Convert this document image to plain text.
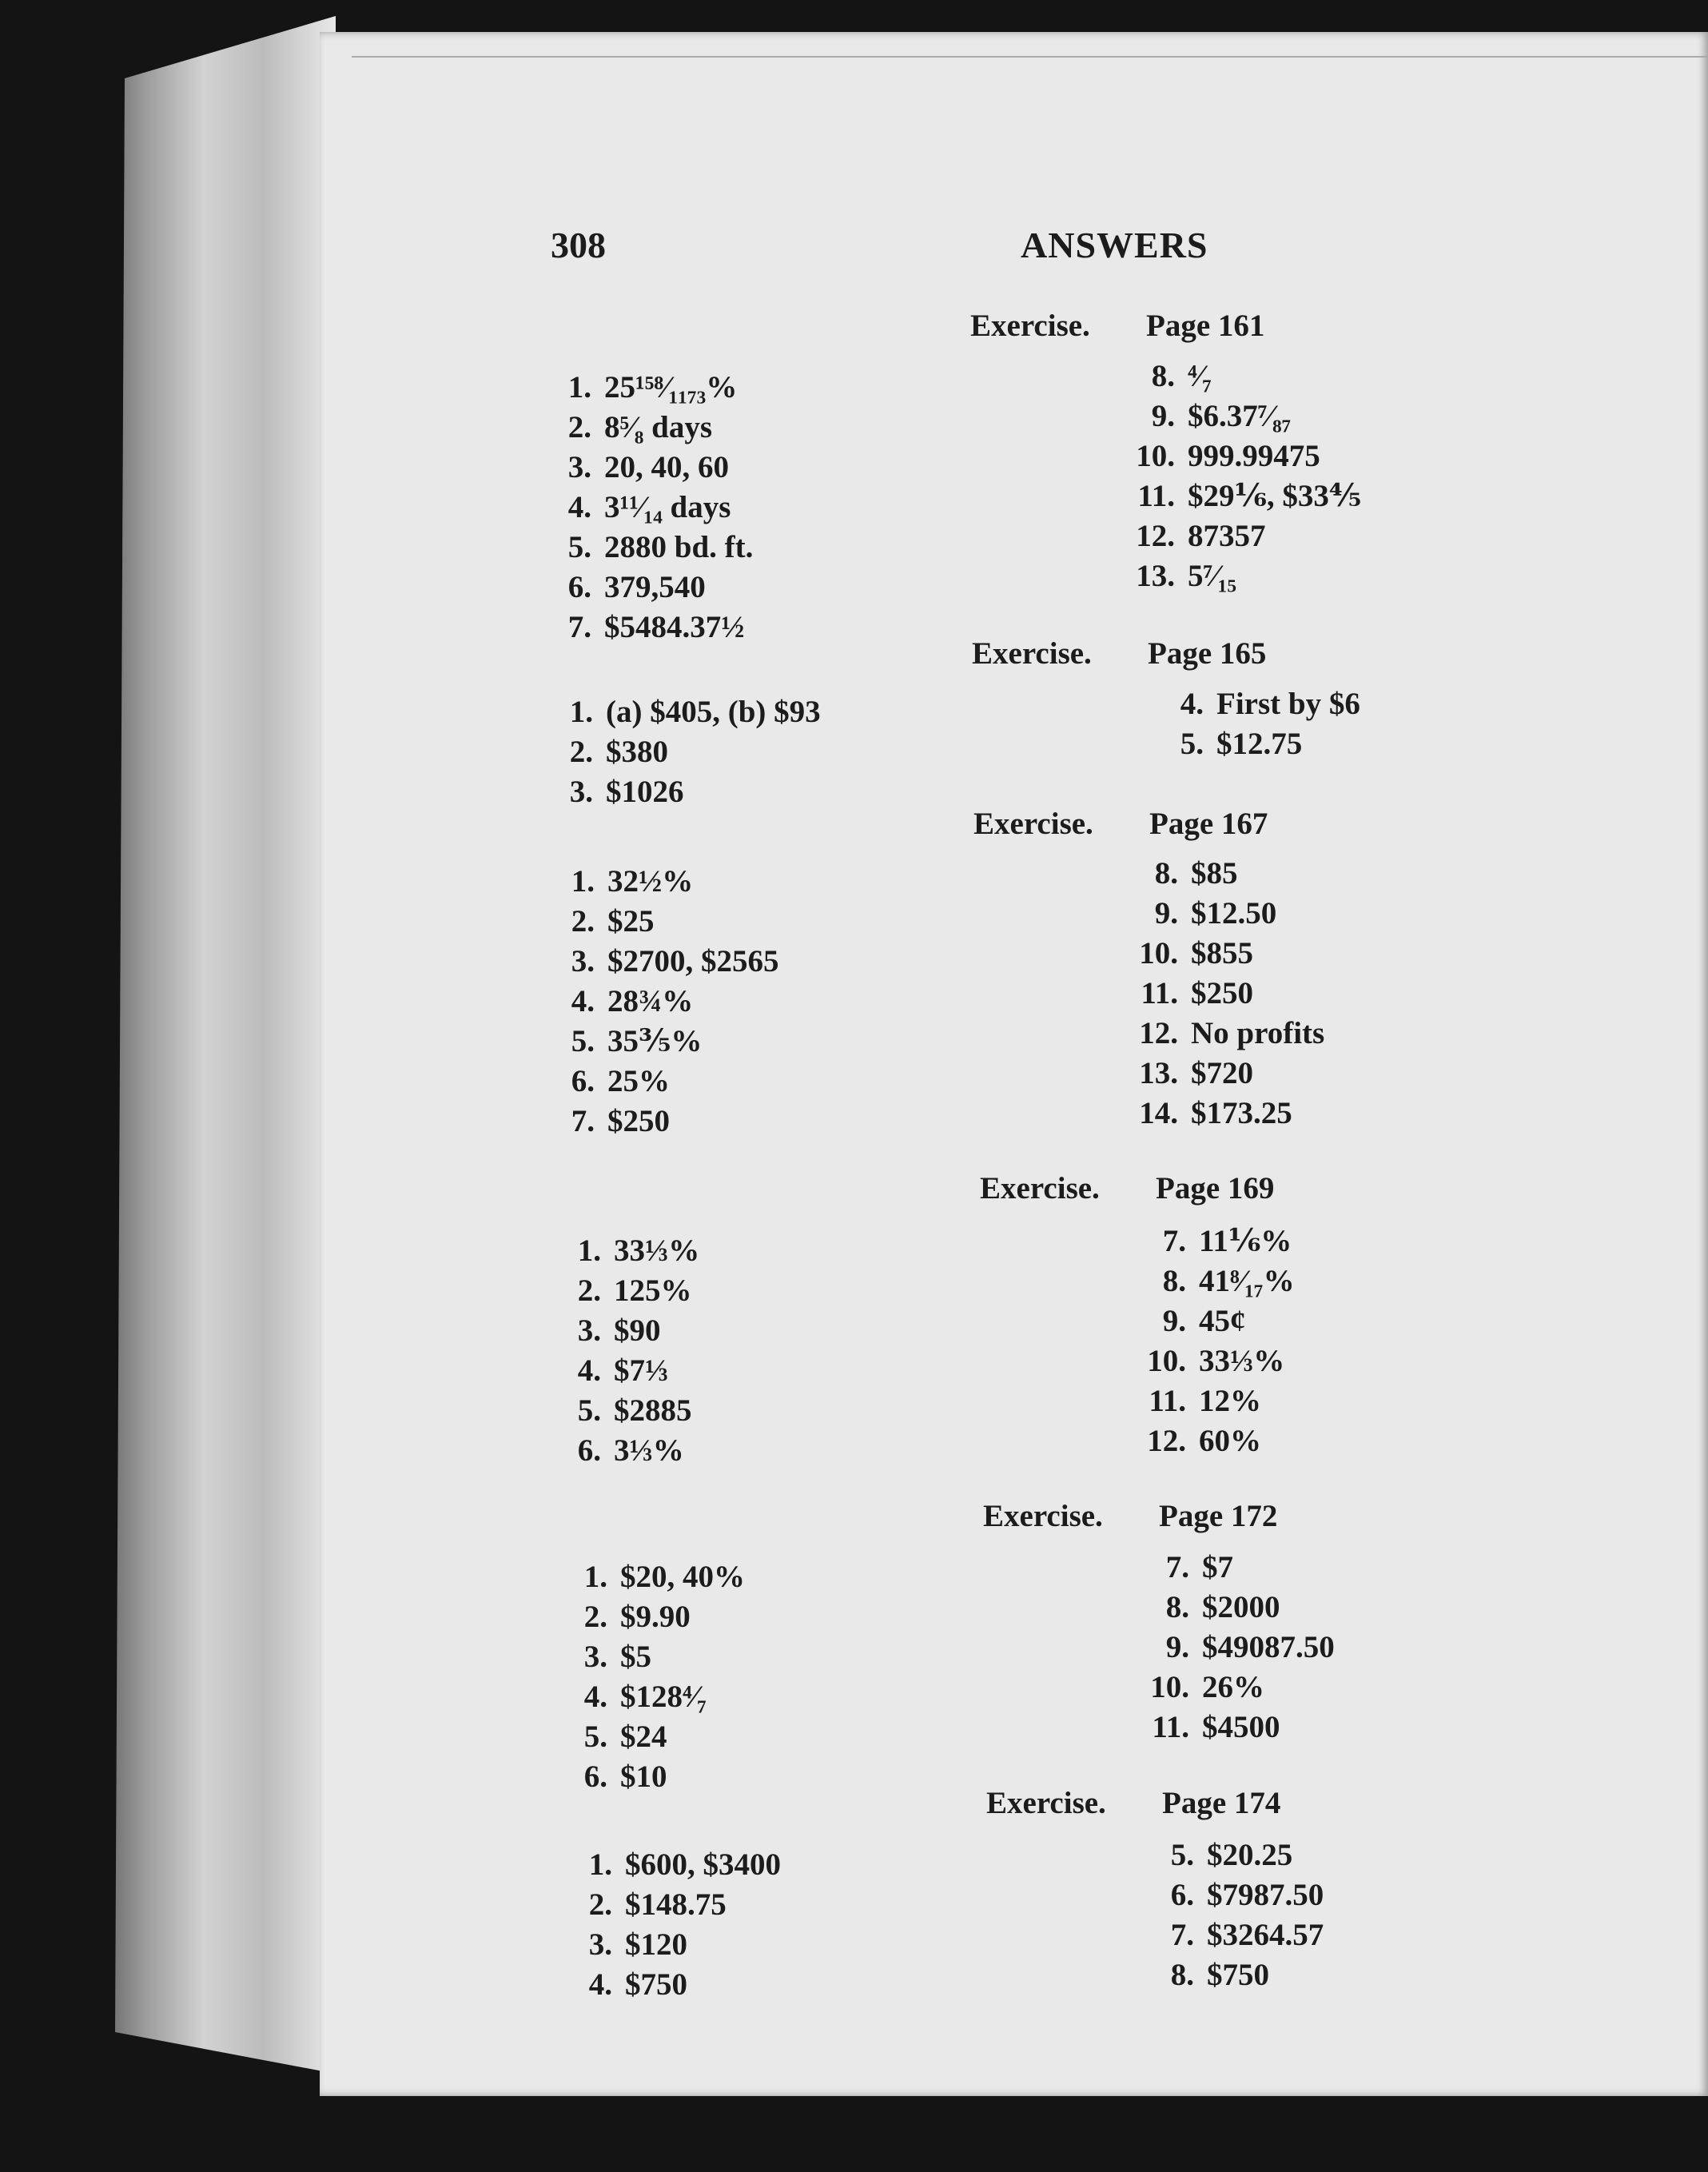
308	ANSWERS
1. 25¹⁵⁸⁄₁₁₇₃%
2. 8⁵⁄₈ days
3. 20, 40, 60
4. 3¹¹⁄₁₄ days
5. 2880 bd. ft.
6. 379,540
7. $5484.37½
1. (a) $405, (b) $93
2. $380
3. $1026
1. 32½%
2. $25
3. $2700, $2565
4. 28¾%
5. 35⅗%
6. 25%
7. $250
1. 33⅓%
2. 125%
3. $90
4. $7⅓
5. $2885
6. 3⅓%
1. $20, 40%
2. $9.90
3. $5
4. $128⁴⁄₇
5. $24
6. $10
1. $600, $3400
2. $148.75
3. $120
4. $750
Exercise.	Page 161
8. ⁴⁄₇
9. $6.37⁷⁄₈₇
10. 999.99475
11. $29⅙, $33⅘
12. 87357
13. 5⁷⁄₁₅
Exercise.	Page 165
4. First by $6
5. $12.75
Exercise.	Page 167
8. $85
9. $12.50
10. $855
11. $250
12. No profits
13. $720
14. $173.25
Exercise.	Page 169
7. 11⅙%
8. 41⁸⁄₁₇%
9. 45¢
10. 33⅓%
11. 12%
12. 60%
Exercise.	Page 172
7. $7
8. $2000
9. $49087.50
10. 26%
11. $4500
Exercise.	Page 174
5. $20.25
6. $7987.50
7. $3264.57
8. $750
